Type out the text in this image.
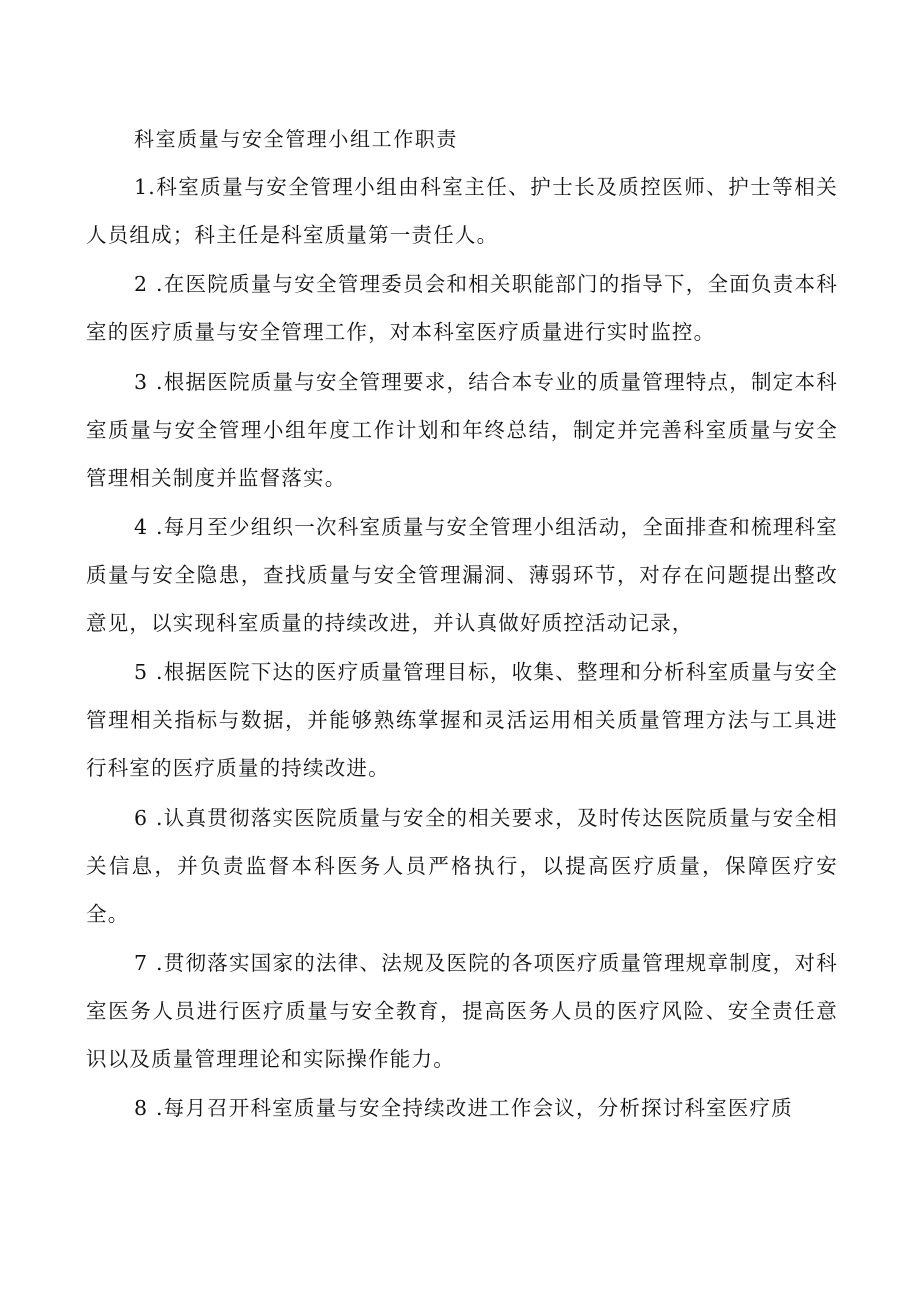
科室质量与安全管理小组工作职责

1.科室质量与安全管理小组由科室主任、护士长及质控医师、护士等相关人员组成；科主任是科室质量第一责任人。

2 .在医院质量与安全管理委员会和相关职能部门的指导下，全面负责本科室的医疗质量与安全管理工作，对本科室医疗质量进行实时监控。

3 .根据医院质量与安全管理要求，结合本专业的质量管理特点，制定本科室质量与安全管理小组年度工作计划和年终总结，制定并完善科室质量与安全管理相关制度并监督落实。

4 .每月至少组织一次科室质量与安全管理小组活动，全面排查和梳理科室质量与安全隐患，查找质量与安全管理漏洞、薄弱环节，对存在问题提出整改意见，以实现科室质量的持续改进，并认真做好质控活动记录，

5 .根据医院下达的医疗质量管理目标，收集、整理和分析科室质量与安全管理相关指标与数据，并能够熟练掌握和灵活运用相关质量管理方法与工具进行科室的医疗质量的持续改进。

6 .认真贯彻落实医院质量与安全的相关要求，及时传达医院质量与安全相关信息，并负责监督本科医务人员严格执行，以提高医疗质量，保障医疗安全。

7 .贯彻落实国家的法律、法规及医院的各项医疗质量管理规章制度，对科室医务人员进行医疗质量与安全教育，提高医务人员的医疗风险、安全责任意识以及质量管理理论和实际操作能力。

8 .每月召开科室质量与安全持续改进工作会议，分析探讨科室医疗质
